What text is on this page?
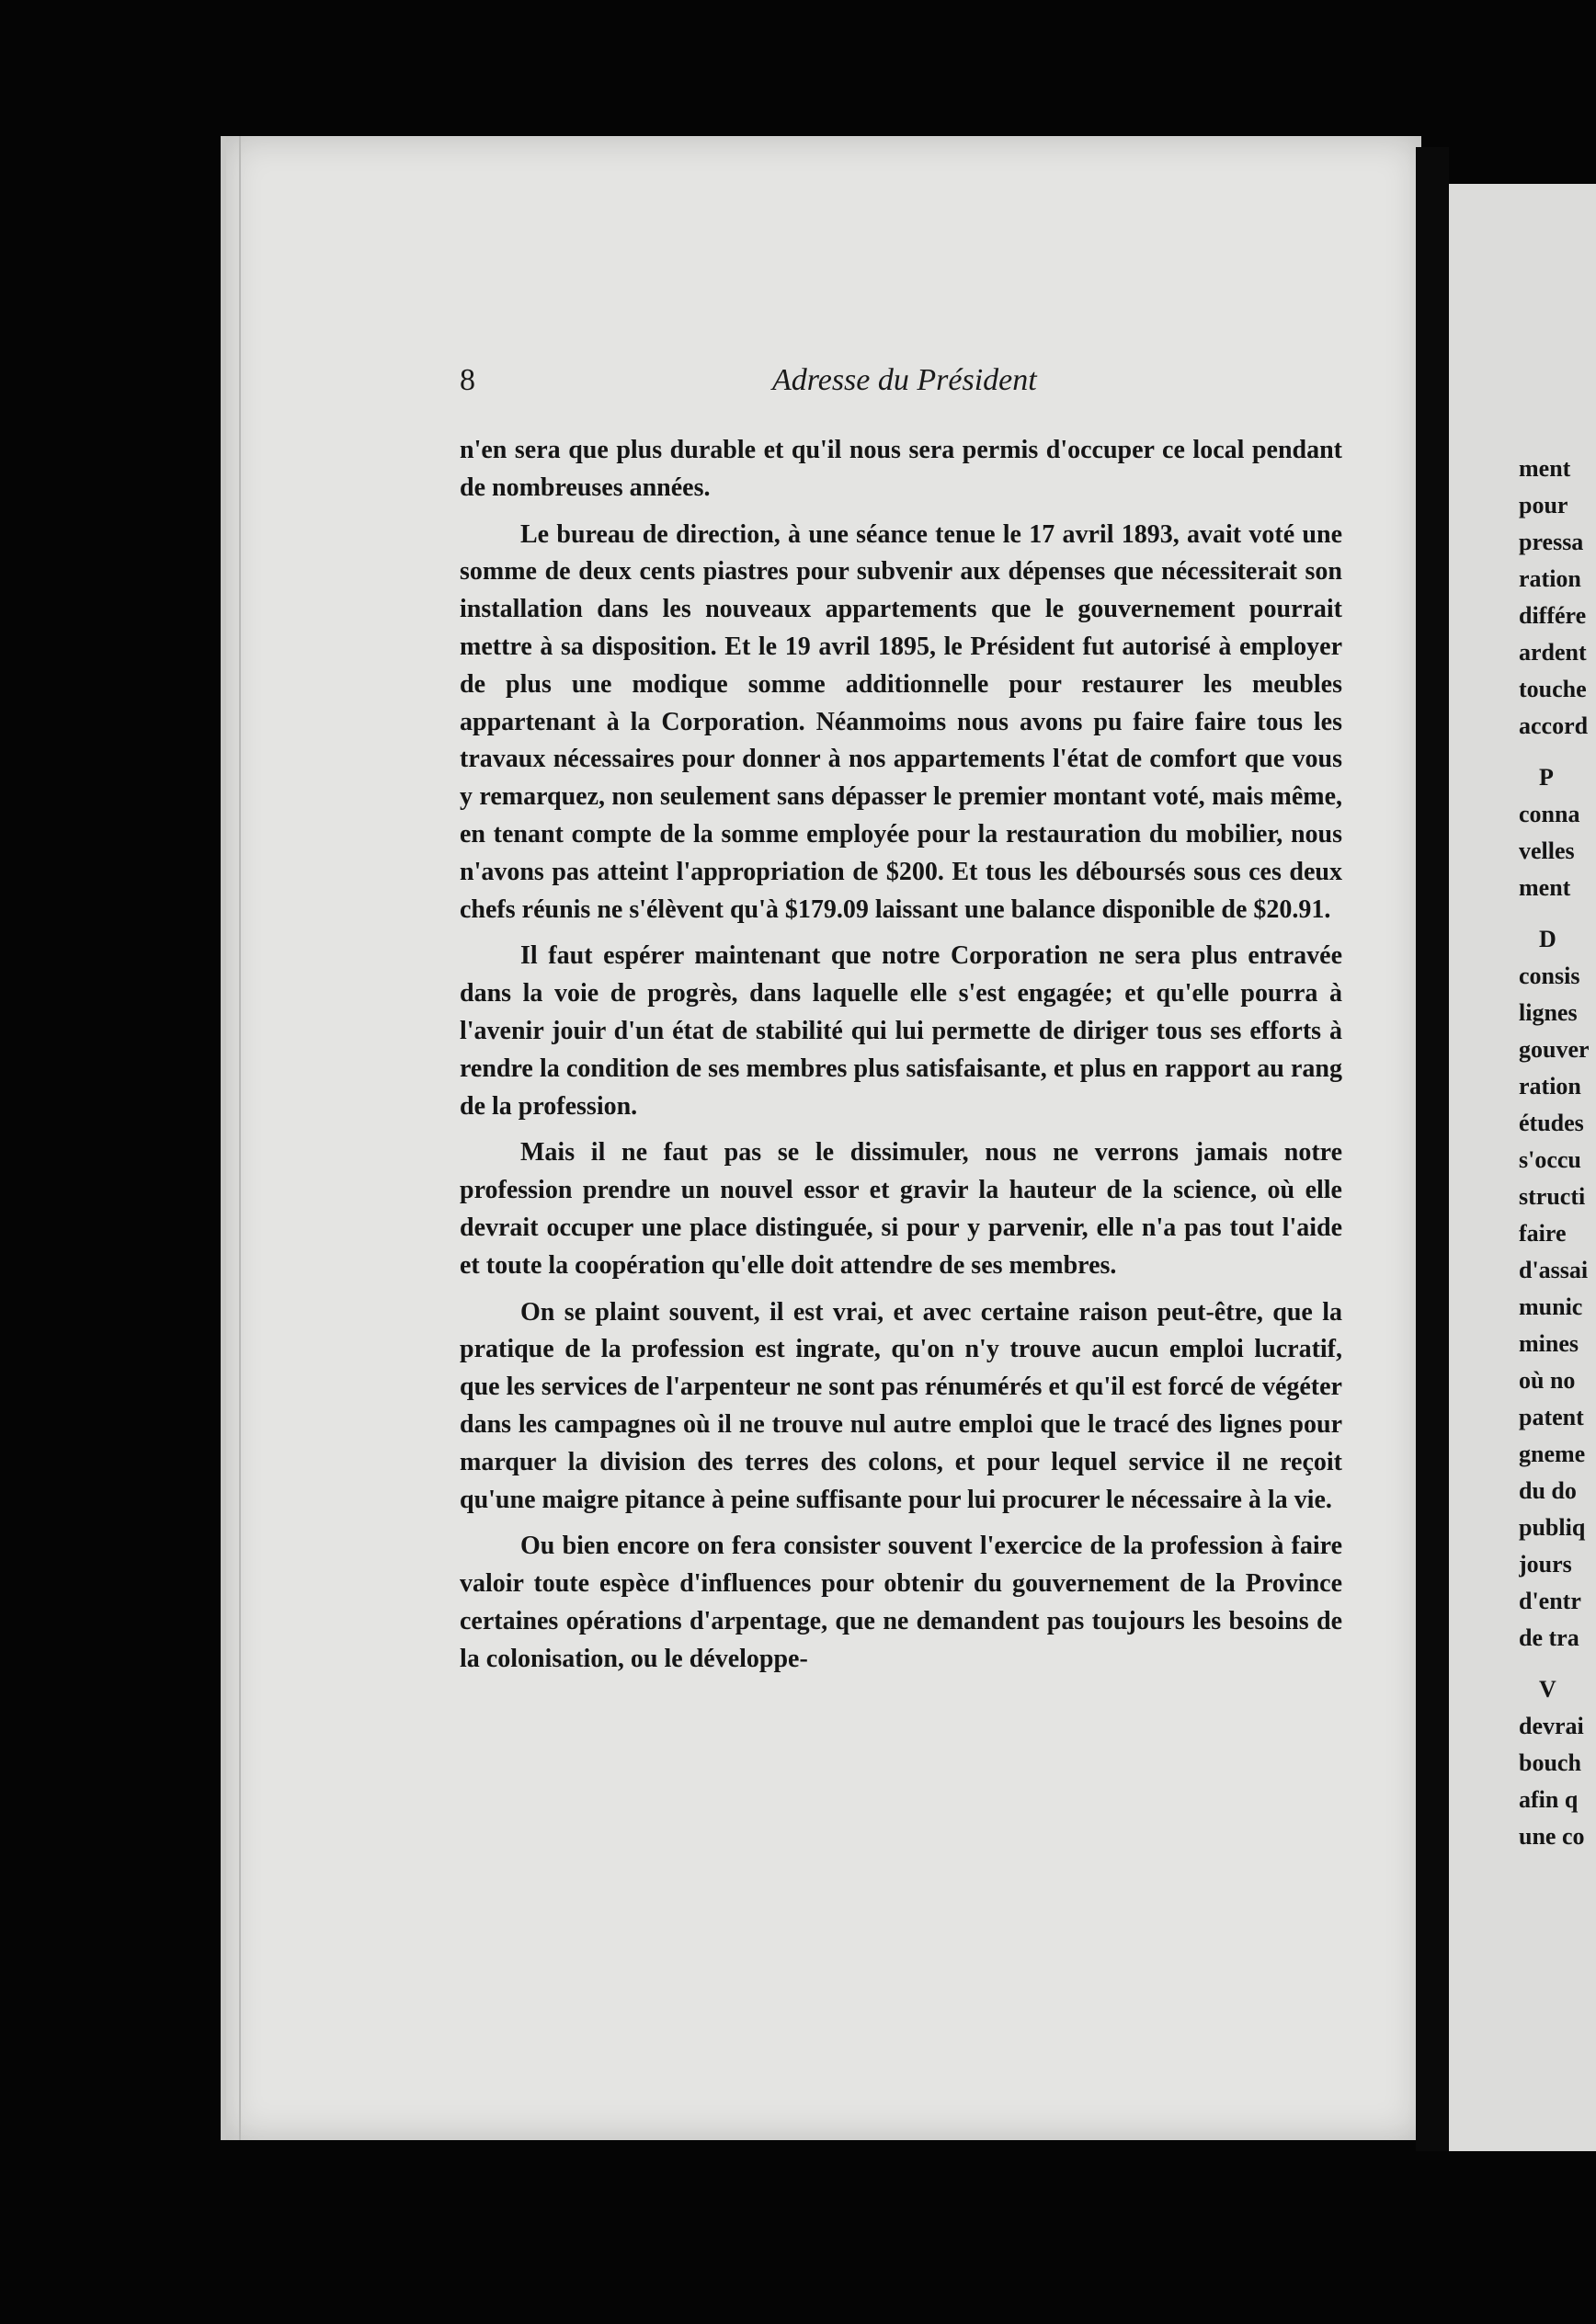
8	Adresse du Président

n'en sera que plus durable et qu'il nous sera permis d'occuper ce local pendant de nombreuses années.

Le bureau de direction, à une séance tenue le 17 avril 1893, avait voté une somme de deux cents piastres pour subvenir aux dépenses que nécessiterait son installation dans les nouveaux appartements que le gouvernement pourrait mettre à sa disposition. Et le 19 avril 1895, le Président fut autorisé à employer de plus une modique somme additionnelle pour restaurer les meubles appartenant à la Corporation. Néanmoims nous avons pu faire faire tous les travaux nécessaires pour donner à nos appartements l'état de comfort que vous y remarquez, non seulement sans dépasser le premier montant voté, mais même, en tenant compte de la somme employée pour la restauration du mobilier, nous n'avons pas atteint l'appropriation de $200. Et tous les déboursés sous ces deux chefs réunis ne s'élèvent qu'à $179.09 laissant une balance disponible de $20.91.

Il faut espérer maintenant que notre Corporation ne sera plus entravée dans la voie de progrès, dans laquelle elle s'est engagée; et qu'elle pourra à l'avenir jouir d'un état de stabilité qui lui permette de diriger tous ses efforts à rendre la condition de ses membres plus satisfaisante, et plus en rapport au rang de la profession.

Mais il ne faut pas se le dissimuler, nous ne verrons jamais notre profession prendre un nouvel essor et gravir la hauteur de la science, où elle devrait occuper une place distinguée, si pour y parvenir, elle n'a pas tout l'aide et toute la coopération qu'elle doit attendre de ses membres.

On se plaint souvent, il est vrai, et avec certaine raison peut-être, que la pratique de la profession est ingrate, qu'on n'y trouve aucun emploi lucratif, que les services de l'arpenteur ne sont pas rénumérés et qu'il est forcé de végéter dans les campagnes où il ne trouve nul autre emploi que le tracé des lignes pour marquer la division des terres des colons, et pour lequel service il ne reçoit qu'une maigre pitance à peine suffisante pour lui procurer le nécessaire à la vie.

Ou bien encore on fera consister souvent l'exercice de la profession à faire valoir toute espèce d'influences pour obtenir du gouvernement de la Province certaines opérations d'arpentage, que ne demandent pas toujours les besoins de la colonisation, ou le développe-

ment
pour
pressa
ration
différe
ardent
touche
accord
P
conna
velles
ment
D
consis
lignes
gouver
ration
études
s'occu
structi
faire
d'assai
munic
mines
où no
patent
gneme
du do
publiq
jours
d'entr
de tra
V
devrai
bouch
afin q
une co
